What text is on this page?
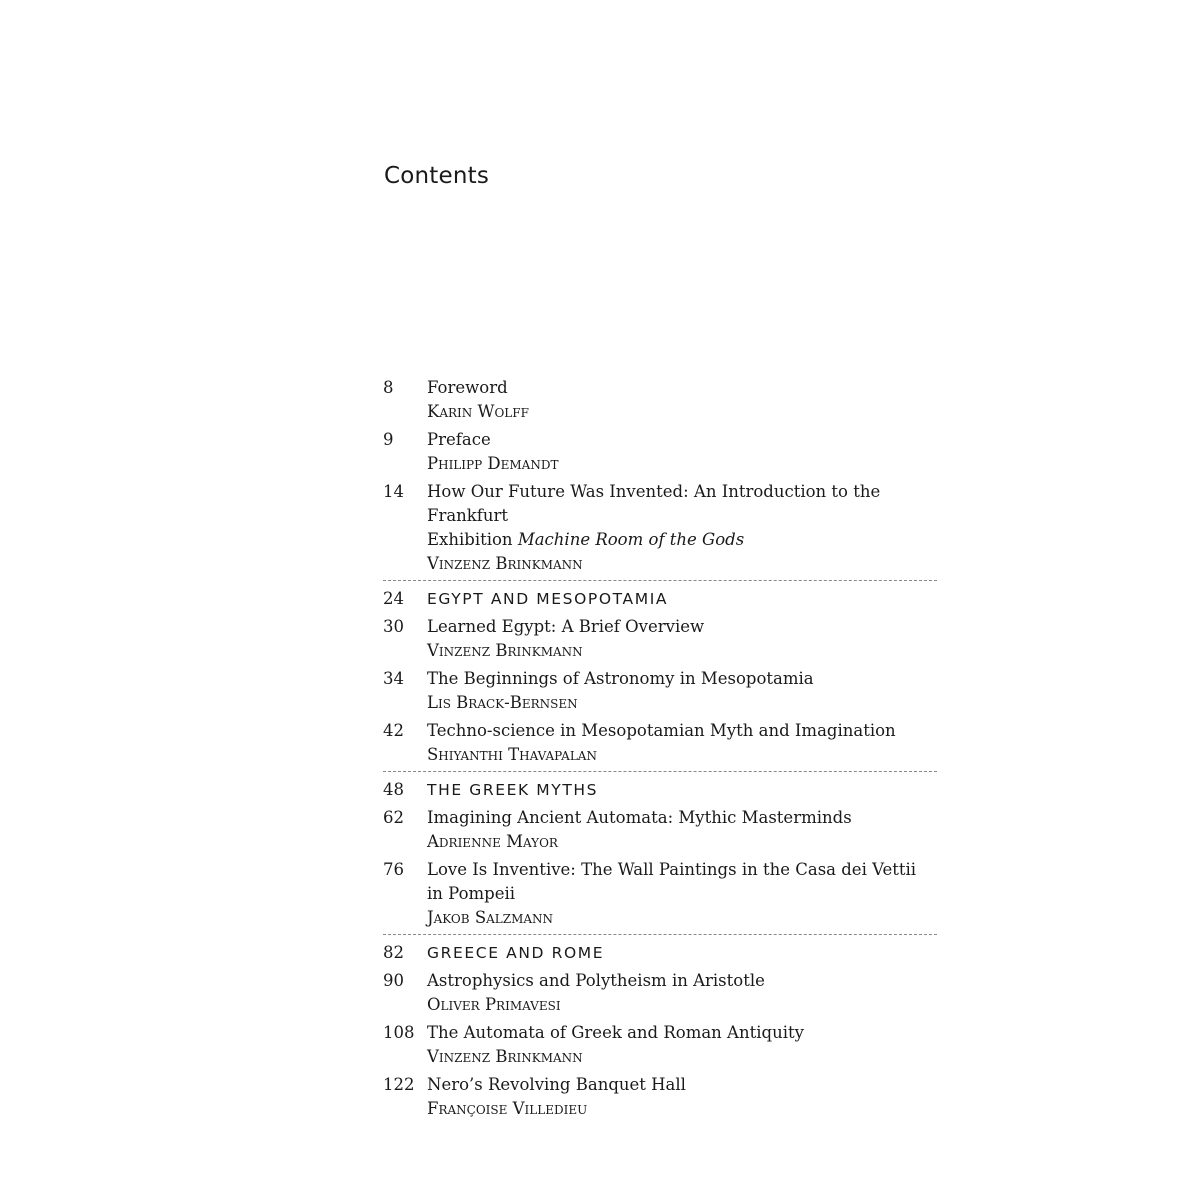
Contents
8	Foreword
Karin Wolff
9	Preface
Philipp Demandt
14	How Our Future Was Invented: An Introduction to the Frankfurt
Exhibition Machine Room of the Gods
Vinzenz Brinkmann
24	EGYPT AND MESOPOTAMIA
30	Learned Egypt: A Brief Overview
Vinzenz Brinkmann
34	The Beginnings of Astronomy in Mesopotamia
Lis Brack-Bernsen
42	Techno-science in Mesopotamian Myth and Imagination
Shiyanthi Thavapalan
48	THE GREEK MYTHS
62	Imagining Ancient Automata: Mythic Masterminds
Adrienne Mayor
76	Love Is Inventive: The Wall Paintings in the Casa dei Vettii
in Pompeii
Jakob Salzmann
82	GREECE AND ROME
90	Astrophysics and Polytheism in Aristotle
Oliver Primavesi
108 The Automata of Greek and Roman Antiquity
Vinzenz Brinkmann
122 Nero’s Revolving Banquet Hall
Françoise Villedieu
